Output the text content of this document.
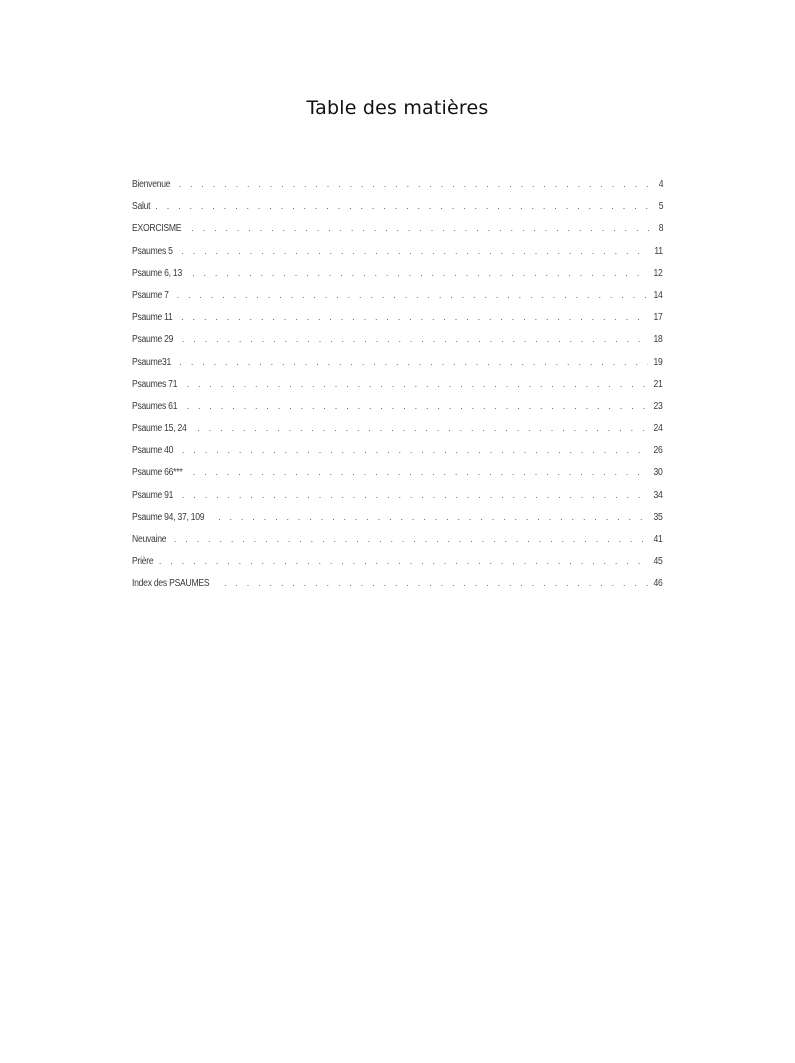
Table des matières
Bienvenue . . .	4
Salut . . .	5
EXORCISME . . .	8
Psaumes 5 . . .	11
Psaume 6, 13 . . .	12
Psaume 7 . . .	14
Psaume 11 . . .	17
Psaume 29 . . .	18
Psaume31 . . .	19
Psaumes 71 . . .	21
Psaumes 61 . . .	23
Psaume 15, 24 . . .	24
Psaume 40 . . .	26
Psaume 66*** . . .	30
Psaume 91 . . .	34
Psaume 94, 37, 109 . . .	35
Neuvaine . . .	41
Prière . . .	45
Index des PSAUMES . . .	46
